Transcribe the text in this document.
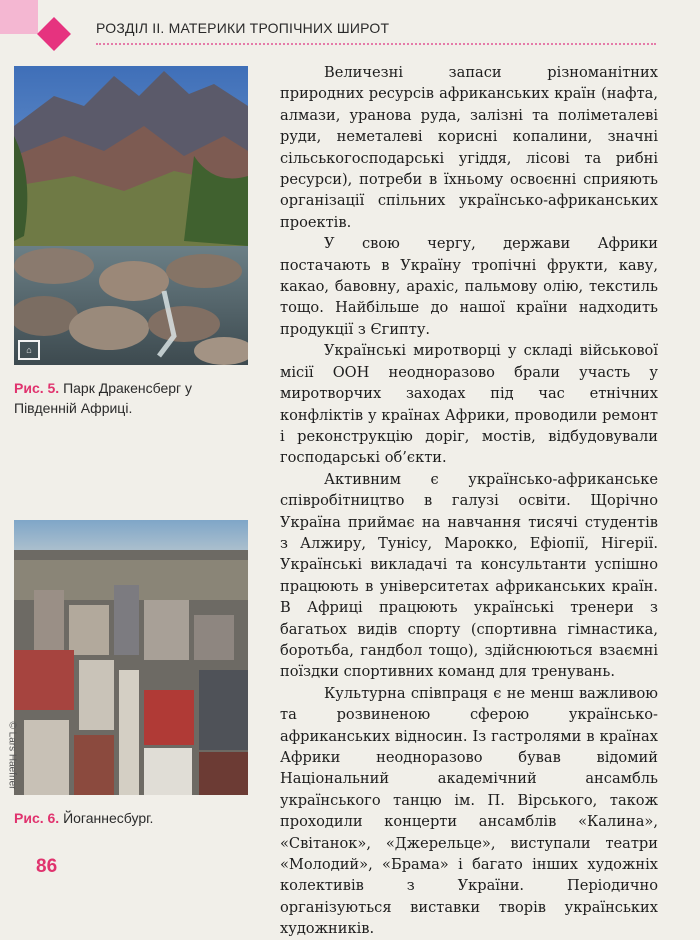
РОЗДІЛ ІІ. МАТЕРИКИ ТРОПІЧНИХ ШИРОТ
⌂
Рис. 5. Парк Дракенсберг у Південній Африці.
© Lars Haefner
Рис. 6. Йоганнесбург.

Величезні запаси різноманітних природних ресурсів африканських країн (нафта, алмази, уранова руда, залізні та поліметалеві руди, неметалеві корисні копалини, значні сільськогосподарські угіддя, лісові та рибні ресурси), потреби в їхньому освоєнні сприяють організації спільних українсько-африканських проектів.

У свою чергу, держави Африки постачають в Україну тропічні фрукти, каву, какао, бавовну, арахіс, пальмову олію, текстиль тощо. Найбільше до нашої країни надходить продукції з Єгипту.

Українські миротворці у складі військової місії ООН неодноразово брали участь у миротворчих заходах під час етнічних конфліктів у країнах Африки, проводили ремонт і реконструкцію доріг, мостів, відбудовували господарські об’єкти.

Активним є українсько-африканське співробітництво в галузі освіти. Щорічно Україна приймає на навчання тисячі студентів з Алжиру, Тунісу, Марокко, Ефіопії, Нігерії. Українські викладачі та консультанти успішно працюють в університетах африканських країн. В Африці працюють українські тренери з багатьох видів спорту (спортивна гімнастика, боротьба, гандбол тощо), здійснюються взаємні поїздки спортивних команд для тренувань.

Культурна співпраця є не менш важливою та розвиненою сферою українсько-африканських відносин. Із гастролями в країнах Африки неодноразово бував відомий Національний академічний ансамбль українського танцю ім. П. Вірського, також проходили концерти ансамблів «Калина», «Світанок», «Джерельце», виступали театри «Молодий», «Брама» і багато інших художніх колективів з України. Періодично організуються виставки творів українських художників.

86
